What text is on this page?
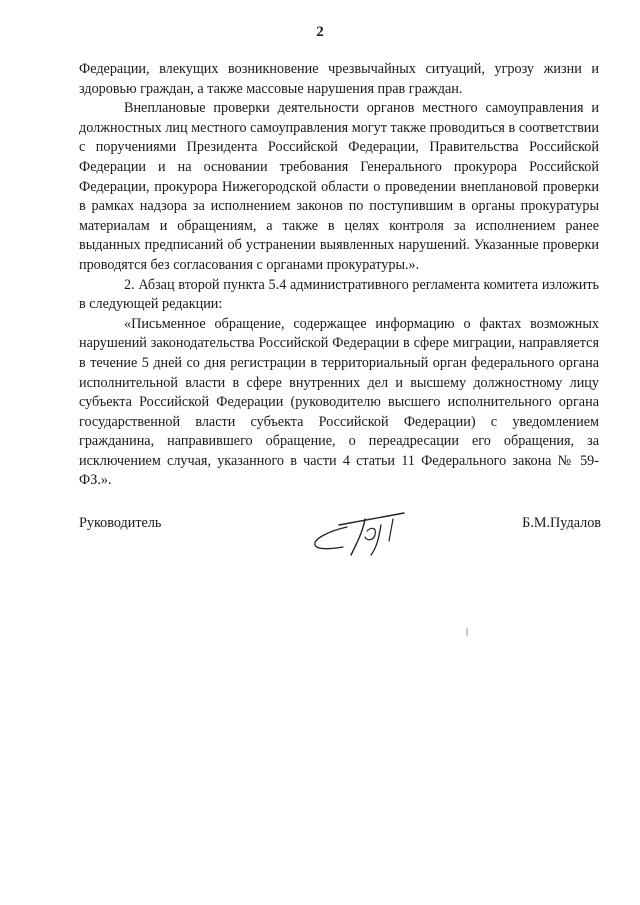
2

Федерации, влекущих возникновение чрезвычайных ситуаций, угрозу жизни и здоровью граждан, а также массовые нарушения прав граждан.

Внеплановые проверки деятельности органов местного самоуправления и должностных лиц местного самоуправления могут также проводиться в соответствии с поручениями Президента Российской Федерации, Правительства Российской Федерации и на основании требования Генерального прокурора Российской Федерации, прокурора Нижегородской области о проведении внеплановой проверки в рамках надзора за исполнением законов по поступившим в органы прокуратуры материалам и обращениям, а также в целях контроля за исполнением ранее выданных предписаний об устранении выявленных нарушений. Указанные проверки проводятся без согласования с органами прокуратуры.».

2. Абзац второй пункта 5.4 административного регламента комитета изложить в следующей редакции:

«Письменное обращение, содержащее информацию о фактах возможных нарушений законодательства Российской Федерации в сфере миграции, направляется в течение 5 дней со дня регистрации в территориальный орган федерального органа исполнительной власти в сфере внутренних дел и высшему должностному лицу субъекта Российской Федерации (руководителю высшего исполнительного органа государственной власти субъекта Российской Федерации) с уведомлением гражданина, направившего обращение, о переадресации его обращения, за исключением случая, указанного в части 4 статьи 11 Федерального закона № 59-ФЗ.».

Руководитель	Б.М.Пудалов
